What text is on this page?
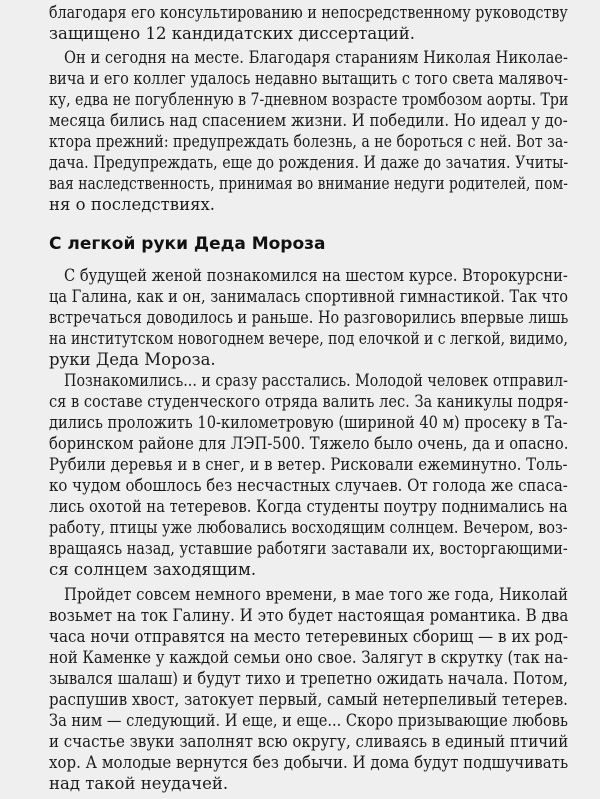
благодаря его консультированию и непосредственному руководству
защищено 12 кандидатских диссертаций.
Он и сегодня на месте. Благодаря стараниям Николая Николае-
вича и его коллег удалось недавно вытащить с того света малявоч-
ку, едва не погубленную в 7-дневном возрасте тромбозом аорты. Три
месяца бились над спасением жизни. И победили. Но идеал у до-
ктора прежний: предупреждать болезнь, а не бороться с ней. Вот за-
дача. Предупреждать, еще до рождения. И даже до зачатия. Учиты-
вая наследственность, принимая во внимание недуги родителей, пом-
ня о последствиях.
С легкой руки Деда Мороза
С будущей женой познакомился на шестом курсе. Второкурсни-
ца Галина, как и он, занималась спортивной гимнастикой. Так что
встречаться доводилось и раньше. Но разговорились впервые лишь
на институтском новогоднем вечере, под елочкой и с легкой, видимо,
руки Деда Мороза.
Познакомились... и сразу расстались. Молодой человек отправил-
ся в составе студенческого отряда валить лес. За каникулы подря-
дились проложить 10-километровую (шириной 40 м) просеку в Та-
боринском районе для ЛЭП-500. Тяжело было очень, да и опасно.
Рубили деревья и в снег, и в ветер. Рисковали ежеминутно. Толь-
ко чудом обошлось без несчастных случаев. От голода же спаса-
лись охотой на тетеревов. Когда студенты поутру поднимались на
работу, птицы уже любовались восходящим солнцем. Вечером, воз-
вращаясь назад, уставшие работяги заставали их, восторгающими-
ся солнцем заходящим.
Пройдет совсем немного времени, в мае того же года, Николай
возьмет на ток Галину. И это будет настоящая романтика. В два
часа ночи отправятся на место тетеревиных сборищ — в их род-
ной Каменке у каждой семьи оно свое. Залягут в скрутку (так на-
зывался шалаш) и будут тихо и трепетно ожидать начала. Потом,
распушив хвост, затокует первый, самый нетерпеливый тетерев.
За ним — следующий. И еще, и еще... Скоро призывающие любовь
и счастье звуки заполнят всю округу, сливаясь в единый птичий
хор. А молодые вернутся без добычи. И дома будут подшучивать
над такой неудачей.
